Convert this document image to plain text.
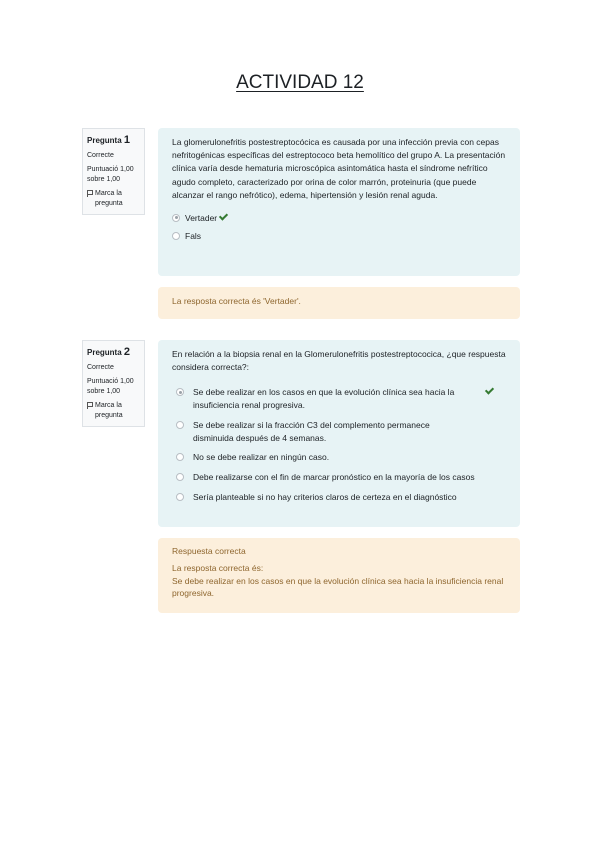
ACTIVIDAD 12
Pregunta 1
Correcte
Puntuació 1,00 sobre 1,00
Marca la pregunta
La glomerulonefritis postestreptocócica es causada por una infección previa con cepas nefritogénicas específicas del estreptococo beta hemolítico del grupo A. La presentación clínica varía desde hematuria microscópica asintomática hasta el síndrome nefrítico agudo completo, caracterizado por orina de color marrón, proteinuria (que puede alcanzar el rango nefrótico), edema, hipertensión y lesión renal aguda.
Vertader
Fals
La resposta correcta és 'Vertader'.
Pregunta 2
Correcte
Puntuació 1,00 sobre 1,00
Marca la pregunta
En relación a la biopsia renal en la Glomerulonefritis postestreptococica, ¿que respuesta considera correcta?:
Se debe realizar en los casos en que la evolución clínica sea hacia la insuficiencia renal progresiva.
Se debe realizar si la fracción C3 del complemento permanece disminuida después de 4 semanas.
No se debe realizar en ningún caso.
Debe realizarse con el fin de marcar pronóstico en la mayoría de los casos
Sería planteable si no hay criterios claros de certeza en el diagnóstico
Respuesta correcta
La resposta correcta és:
Se debe realizar en los casos en que la evolución clínica sea hacia la insuficiencia renal progresiva.
